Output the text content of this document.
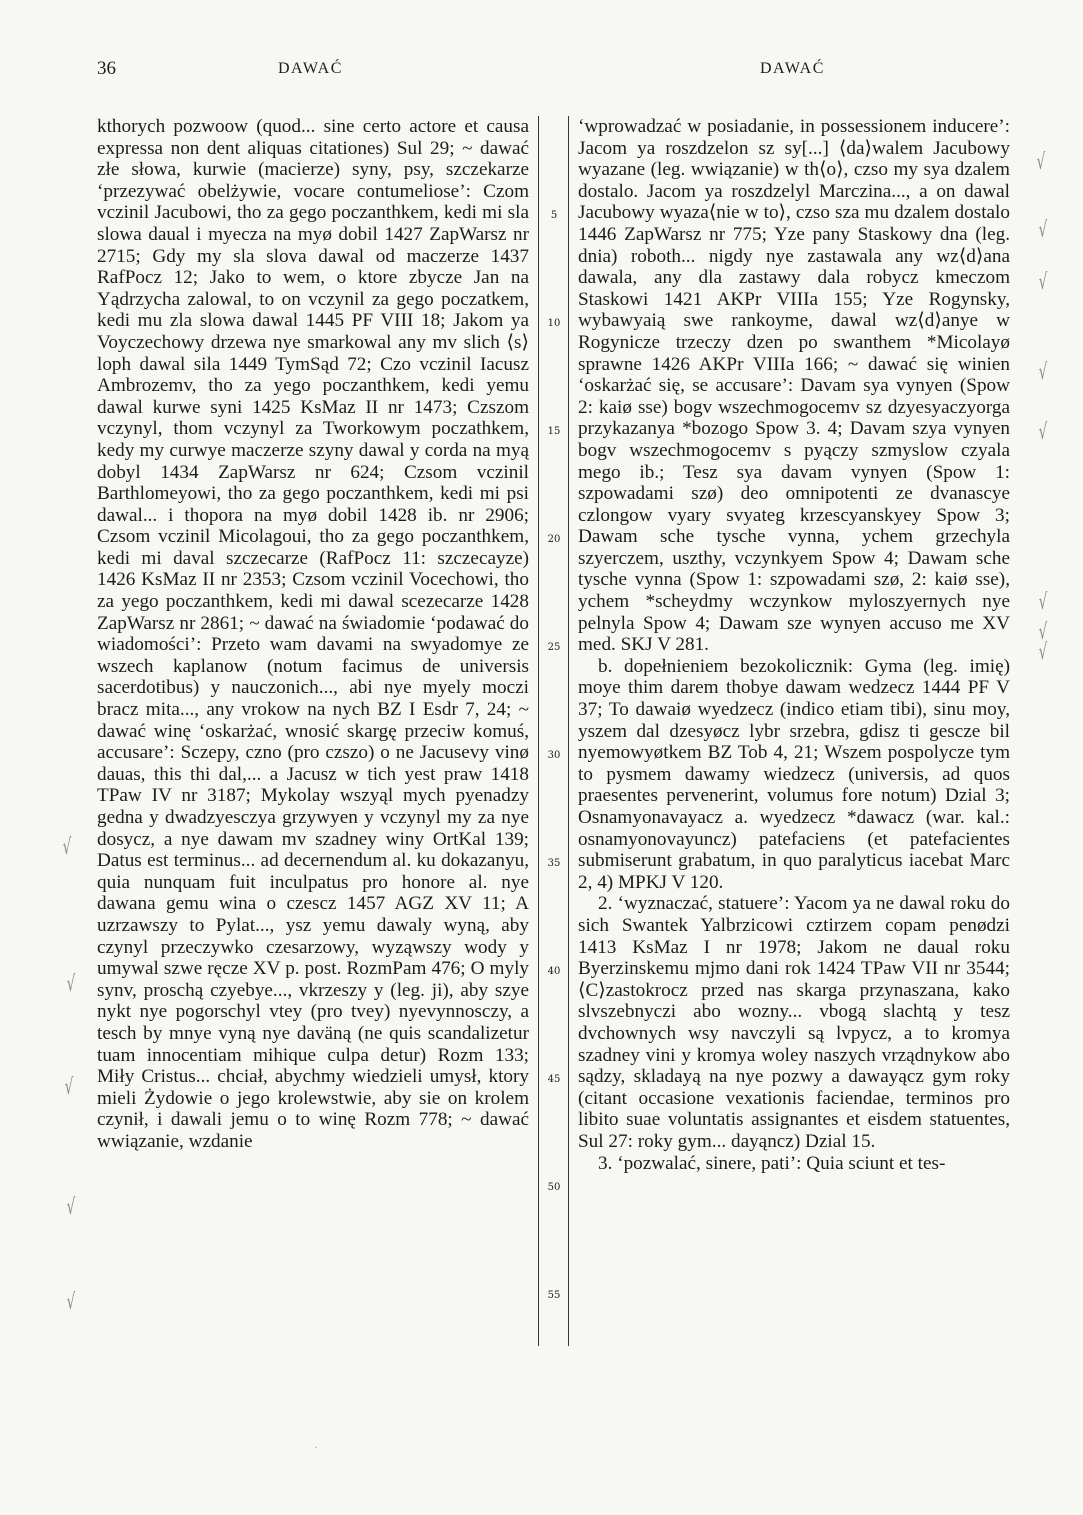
36	DAWAĆ	DAWAĆ

kthorych pozwoow (quod... sine certo actore et causa expressa non dent aliquas citationes) Sul 29; ~ dawać złe słowa, kurwie (macierze) syny, psy, szczekarze ʻprzezywać obelżywie, vocare contumelioseʼ: Czom vczinil Jacubowi, tho za gego poczanthkem, kedi mi sla slowa daual i myecza na myø dobil 1427 ZapWarsz nr 2715; Gdy my sla slova dawal od maczerze 1437 RafPocz 12; Jako to wem, o ktore zbycze Jan na Yądrzycha zalowal, to on vczynil za gego poczatkem, kedi mu zla slowa dawal 1445 PF VIII 18; Jakom ya Voyczechowy drzewa nye smarkowal any mv slich ⟨s⟩loph dawal sila 1449 TymSąd 72; Czo vczinil Iacusz Ambrozemv, tho za yego poczanthkem, kedi yemu dawal kurwe syni 1425 KsMaz II nr 1473; Czszom vczynyl, thom vczynyl za Tworkowym poczathkem, kedy my curwye maczerze szyny dawal y corda na myą dobyl 1434 ZapWarsz nr 624; Czsom vczinil Barthlomeyowi, tho za gego poczanthkem, kedi mi psi dawal... i thopora na myø dobil 1428 ib. nr 2906; Czsom vczinil Micolagoui, tho za gego poczanthkem, kedi mi daval szczecarze (RafPocz 11: szczecayze) 1426 KsMaz II nr 2353; Czsom vczinil Vocechowi, tho za yego poczanthkem, kedi mi dawal scezecarze 1428 ZapWarsz nr 2861; ~ dawać na świadomie ʻpodawać do wiadomościʼ: Przeto wam davami na swyadomye ze wszech kaplanow (notum facimus de universis sacerdotibus) y nauczonich..., abi nye myely moczi bracz mita..., any vrokow na nych BZ I Esdr 7, 24; ~ dawać winę ʻoskarżać, wnosić skargę przeciw komuś, accusareʼ: Sczepy, czno (pro czszo) o ne Jacusevy vinø dauas, this thi dal,... a Jacusz w tich yest praw 1418 TPaw IV nr 3187; Mykolay wszyąl mych pyenadzy gedna y dwadzyesczya grzywyen y vczynyl my za nye dosycz, a nye dawam mv szadney winy OrtKal 139; Datus est terminus... ad decernendum al. ku dokazanyu, quia nunquam fuit inculpatus pro honore al. nye dawana gemu wina o czescz 1457 AGZ XV 11; A uzrzawszy to Pylat..., ysz yemu dawaly wyną, aby czynyl przeczywko czesarzowy, wyząwszy wody y umywal szwe ręcze XV p. post. RozmPam 476; O myly synv, proschą czyebye..., vkrzeszy y (leg. ji), aby szye nykt nye pogorschyl vtey (pro tvey) nyevynnosczy, a tesch by mnye vyną nye daväną (ne quis scandalizetur tuam innocentiam mihique culpa detur) Rozm 133; Miły Cristus... chciał, abychmy wiedzieli umysł, ktory mieli Żydowie o jego krolewstwie, aby sie on krolem czynił, i dawali jemu o to winę Rozm 778; ~ dawać wwiązanie, wzdanie

5
10
15
20
25
30
35
40
45
50
55

ʻwprowadzać w posiadanie, in possessionem inducereʼ: Jacom ya roszdzelon sz sy[...] ⟨da⟩walem Jacubowy wyazane (leg. wwiązanie) w th⟨o⟩, czso my sya dzalem dostalo. Jacom ya roszdzelyl Marczina..., a on dawal Jacubowy wyaza⟨nie w to⟩, czso sza mu dzalem dostalo 1446 ZapWarsz nr 775; Yze pany Staskowy dna (leg. dnia) roboth... nigdy nye zastawala any wz⟨d⟩ana dawala, any dla zastawy dala robycz kmeczom Staskowi 1421 AKPr VIIIa 155; Yze Rogynsky, wybawyaią swe rankoyme, dawal wz⟨d⟩anye w Rogynicze trzeczy dzen po swanthem *Micolayø sprawne 1426 AKPr VIIIa 166; ~ dawać się winien ʻoskarżać się, se accusareʼ: Davam sya vynyen (Spow 2: kaiø sse) bogv wszechmogocemv sz dzyesyaczyorga przykazanya *bozogo Spow 3. 4; Davam szya vynyen bogv wszechmogocemv s pyączy szmyslow czyala mego ib.; Tesz sya davam vynyen (Spow 1: szpowadami szø) deo omnipotenti ze dvanascye czlongow vyary svyateg krzescyanskyey Spow 3; Dawam sche tysche vynna, ychem grzechyla szyerczem, uszthy, vczynkyem Spow 4; Dawam sche tysche vynna (Spow 1: szpowadami szø, 2: kaiø sse), ychem *scheydmy wczynkow myloszyernych nye pelnyla Spow 4; Dawam sze wynyen accuso me XV med. SKJ V 281.

b. dopełnieniem bezokolicznik: Gyma (leg. imię) moye thim darem thobye dawam wedzecz 1444 PF V 37; To dawaiø wyedzecz (indico etiam tibi), sinu moy, yszem dal dzesyøcz lybr srzebra, gdisz ti gescze bil nyemowyøtkem BZ Tob 4, 21; Wszem pospolycze tym to pysmem dawamy wiedzecz (universis, ad quos praesentes pervenerint, volumus fore notum) Dzial 3; Osnamyonavayacz a. wyedzecz *dawacz (war. kal.: osnamyonovayuncz) patefaciens (et patefacientes submiserunt grabatum, in quo paralyticus iacebat Marc 2, 4) MPKJ V 120.

2. ʻwyznaczać, statuereʼ: Yacom ya ne dawal roku do sich Swantek Yalbrzicowi cztirzem copam penødzi 1413 KsMaz I nr 1978; Jakom ne daual roku Byerzinskemu mjmo dani rok 1424 TPaw VII nr 3544; ⟨C⟩zastokrocz przed nas skarga przynaszana, kako slvszebnyczi abo wozny... vbogą slachtą y tesz dvchownych wsy navczyli są lvpycz, a to kromya szadney vini y kromya woley naszych vrządnykow abo sądzy, skladayą na nye pozwy a dawayącz gym roky (citant occasione vexationis faciendae, terminos pro libito suae voluntatis assignantes et eisdem statuentes, Sul 27: roky gym... dayąncz) Dzial 15.

3. ʻpozwalać, sinere, patiʼ: Quia sciunt et tes-

√
√
√
√
√
√
√
√
√
√
√
√
√
·
